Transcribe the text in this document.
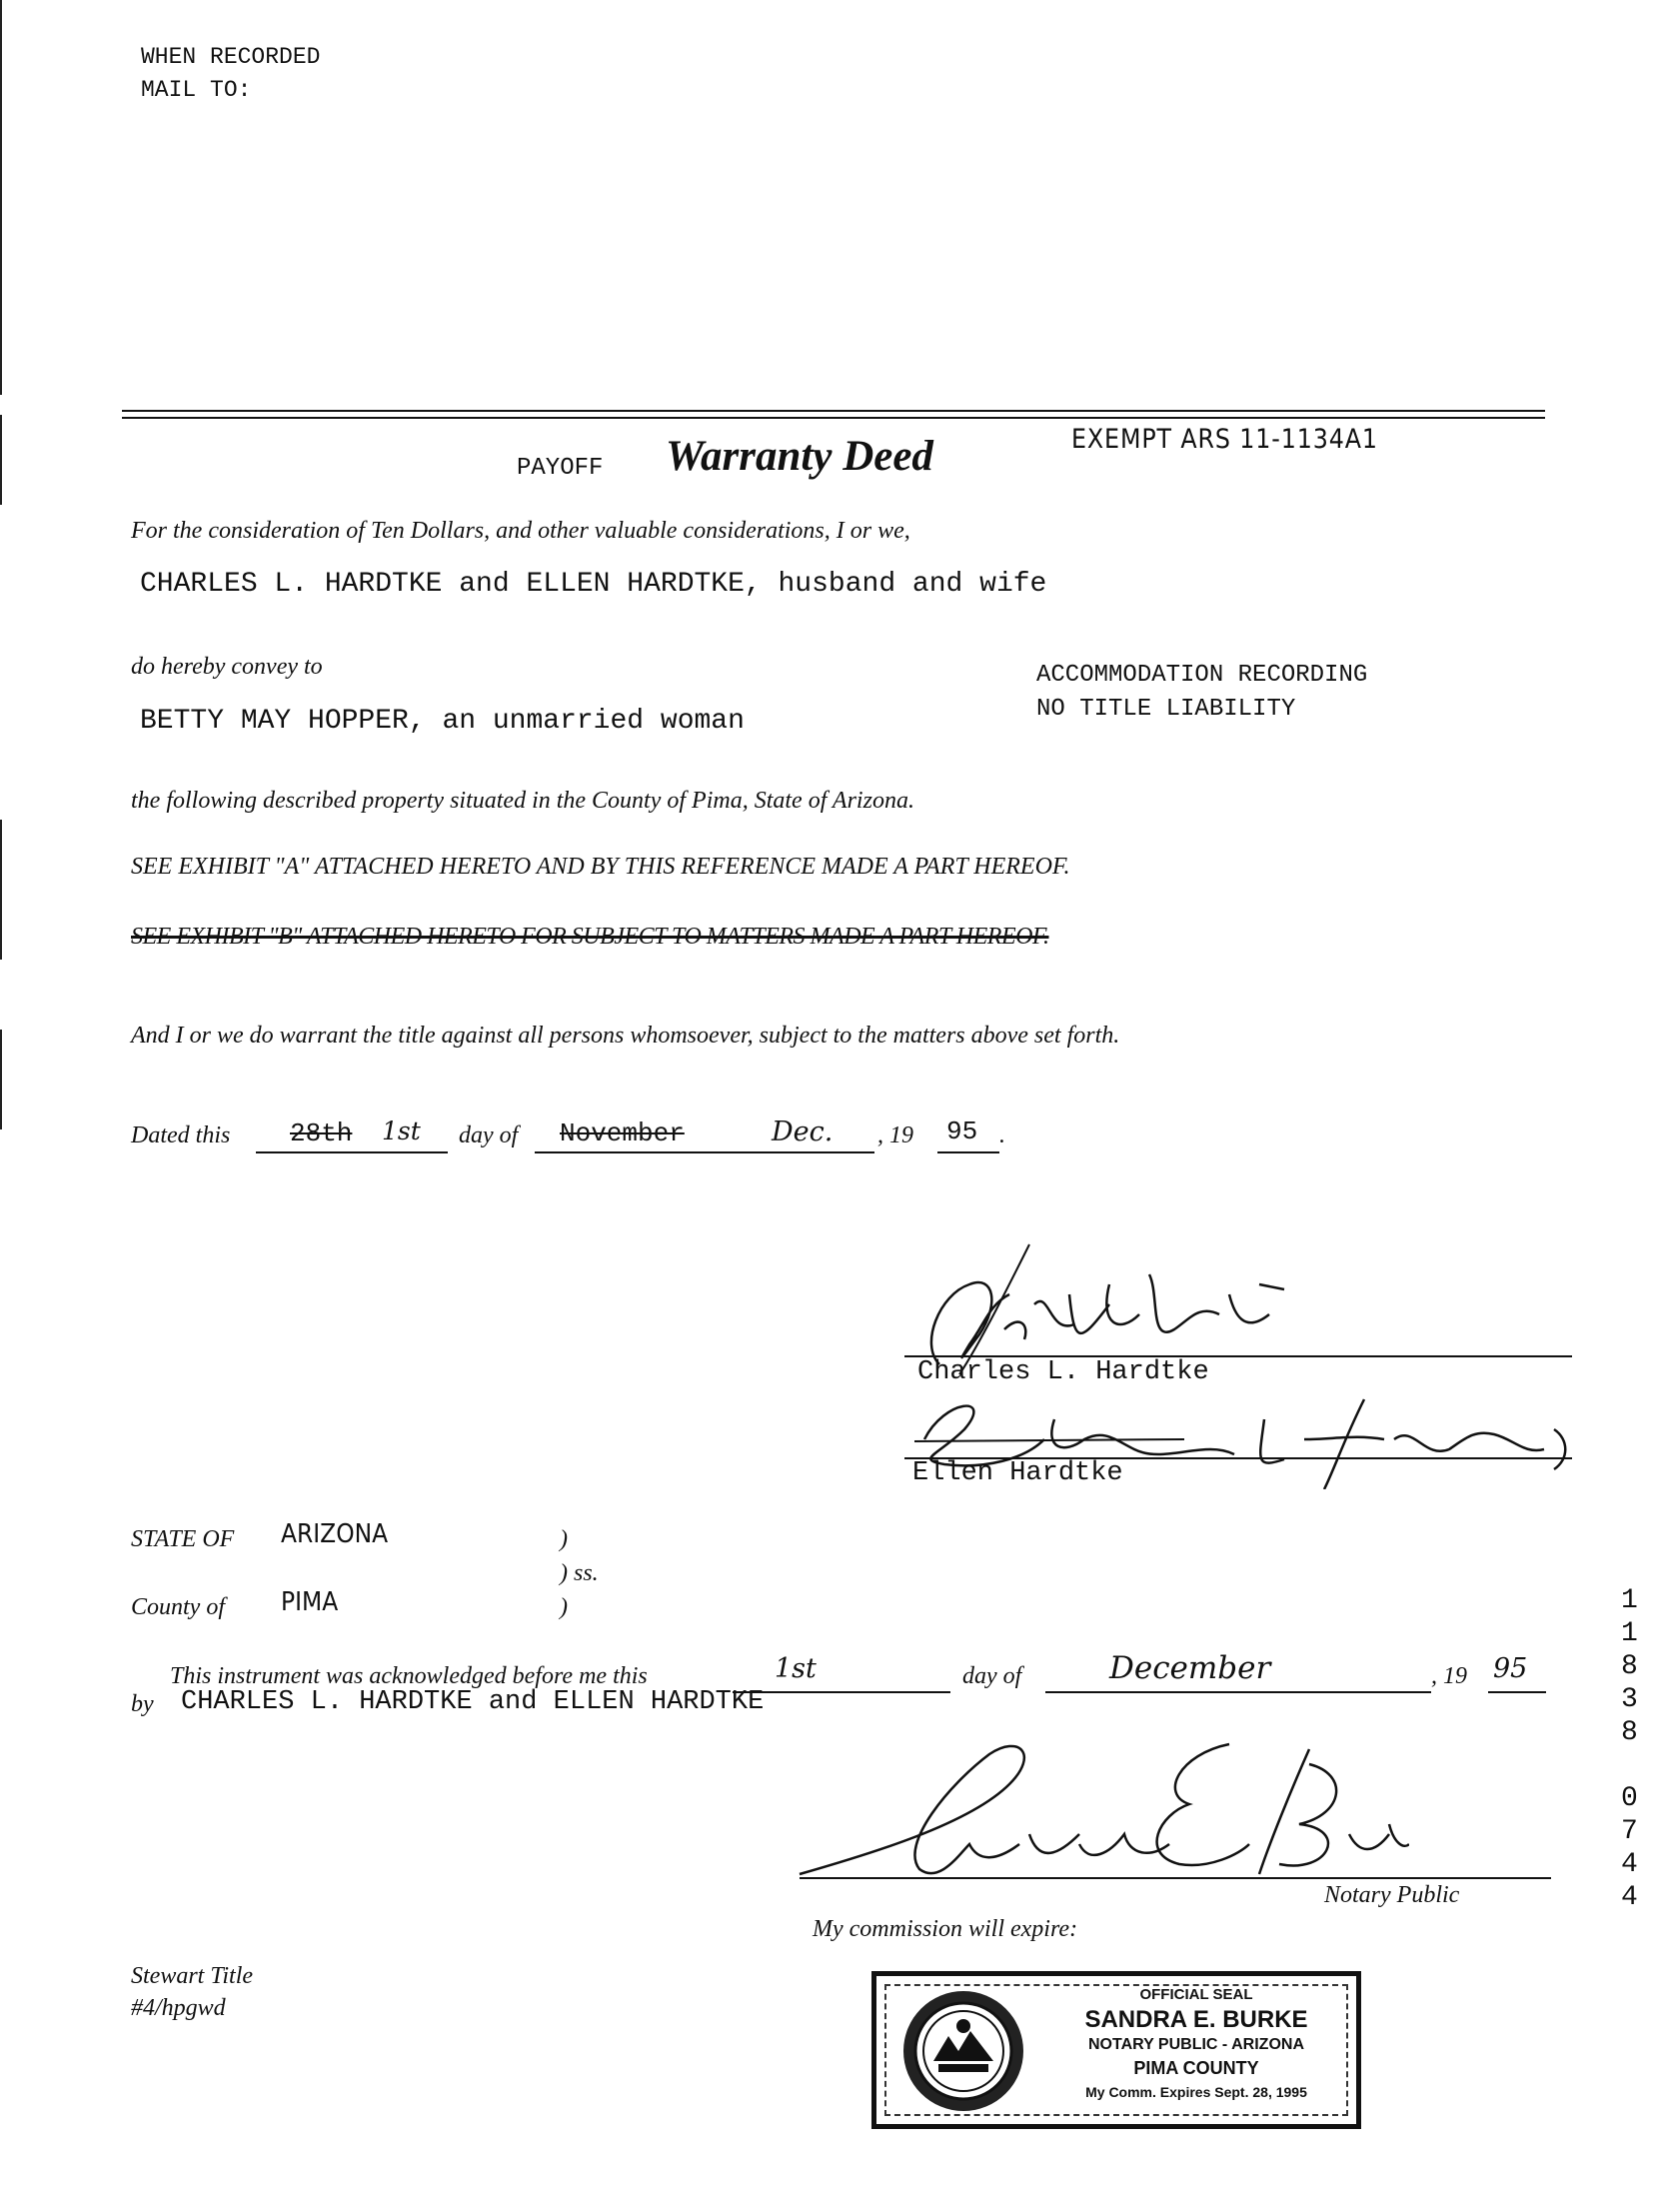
WHEN RECORDED
MAIL TO:
PAYOFF Warranty Deed	EXEMPT ARS 11-1134A1
For the consideration of Ten Dollars, and other valuable considerations, I or we,
CHARLES L. HARDTKE and ELLEN HARDTKE, husband and wife
do hereby convey to	ACCOMMODATION RECORDING
NO TITLE LIABILITY
BETTY MAY HOPPER, an unmarried woman
the following described property situated in the County of Pima, State of Arizona.
SEE EXHIBIT "A" ATTACHED HERETO AND BY THIS REFERENCE MADE A PART HEREOF.
SEE EXHIBIT "B" ATTACHED HERETO FOR SUBJECT TO MATTERS MADE A PART HEREOF.
And I or we do warrant the title against all persons whomsoever, subject to the matters above set forth.
Dated this 28th 1st day of November	Dec. , 19 95 .
Charles L. Hardtke
Ellen Hardtke
STATE OF ARIZONA	)
) ss.
County of PIMA	)
This instrument was acknowledged before me this	1st	day of	December	, 19 95
by CHARLES L. HARDTKE and ELLEN HARDTKE
Notary Public
My commission will expire:
Stewart Title
#4/hpgwd
1
1
8
3
8
0
7
4
4
OFFICIAL SEAL
SANDRA E. BURKE
NOTARY PUBLIC - ARIZONA
PIMA COUNTY
My Comm. Expires Sept. 28, 1995
